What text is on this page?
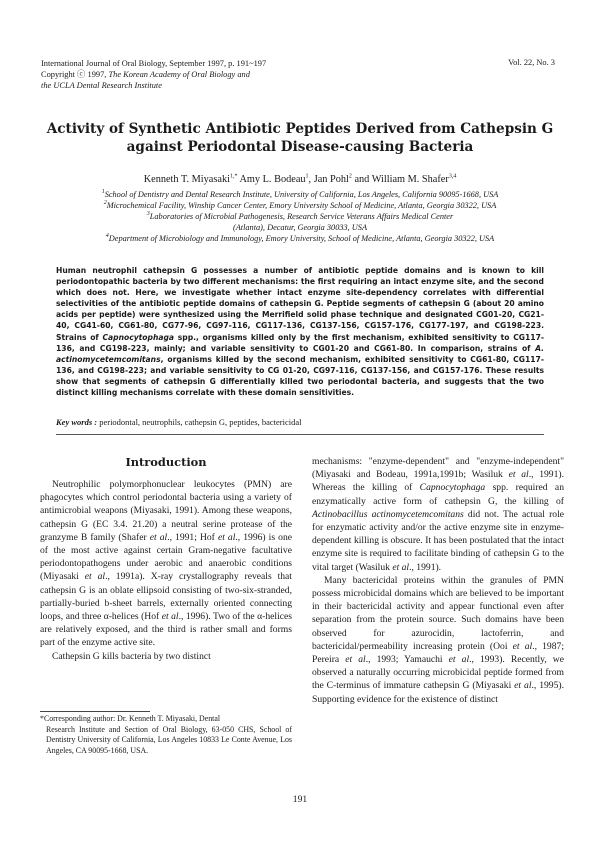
International Journal of Oral Biology, September 1997, p. 191~197
Copyright ⓒ 1997, The Korean Academy of Oral Biology and
the UCLA Dental Research Institute
Vol. 22, No. 3
Activity of Synthetic Antibiotic Peptides Derived from Cathepsin G
against Periodontal Disease-causing Bacteria
Kenneth T. Miyasaki$^{1,*}$ Amy L. Bodeau$^1$, Jan Pohl$^2$ and William M. Shafer$^{3,4}$
$^1$School of Dentistry and Dental Research Institute, University of California, Los Angeles, California 90095-1668, USA
$^2$Microchemical Facility, Winship Cancer Center, Emory University School of Medicine, Atlanta, Georgia 30322, USA
$^3$Laboratories of Microbial Pathogenesis, Research Service Veterans Affairs Medical Center
(Atlanta), Decatur, Georgia 30033, USA
$^4$Department of Microbiology and Immunology, Emory University, School of Medicine, Atlanta, Georgia 30322, USA
Human neutrophil cathepsin G possesses a number of antibiotic peptide domains and is known to kill periodontopathic bacteria by two different mechanisms: the first requiring an intact enzyme site, and the second which does not. Here, we investigate whether intact enzyme site-dependency correlates with differential selectivities of the antibiotic peptide domains of cathepsin G. Peptide segments of cathepsin G (about 20 amino acids per peptide) were synthesized using the Merrifield solid phase technique and designated CG01-20, CG21-40, CG41-60, CG61-80, CG77-96, CG97-116, CG117-136, CG137-156, CG157-176, CG177-197, and CG198-223. Strains of Capnocytophaga spp., organisms killed only by the first mechanism, exhibited sensitivity to CG117-136, and CG198-223, mainly; and variable sensitivity to CG01-20 and CG61-80. In comparison, strains of A. actinomycetemcomitans, organisms killed by the second mechanism, exhibited sensitivity to CG61-80, CG117-136, and CG198-223; and variable sensitivity to CG 01-20, CG97-116, CG137-156, and CG157-176. These results show that segments of cathepsin G differentially killed two periodontal bacteria, and suggests that the two distinct killing mechanisms correlate with these domain sensitivities.
Key words : periodontal, neutrophils, cathepsin G, peptides, bactericidal
Introduction

Neutrophilic polymorphonuclear leukocytes (PMN) are phagocytes which control periodontal bacteria using a variety of antimicrobial weapons (Miyasaki, 1991). Among these weapons, cathepsin G (EC 3.4. 21.20) a neutral serine protease of the granzyme B family (Shafer et al., 1991; Hof et al., 1996) is one of the most active against certain Gram-negative facultative periodontopathogens under aerobic and anaerobic conditions (Miyasaki et al., 1991a). X-ray crystallography reveals that cathepsin G is an oblate ellipsoid consisting of two-six-stranded, partially-buried b-sheet barrels, externally oriented connecting loops, and three α-helices (Hof et al., 1996). Two of the α-helices are relatively exposed, and the third is rather small and forms part of the enzyme active site.

Cathepsin G kills bacteria by two distinct

*Corresponding author: Dr. Kenneth T. Miyasaki, Dental
Research Institute and Section of Oral Biology, 63-050 CHS, School of Dentistry University of California, Los Angeles 10833 Le Conte Avenue, Los Angeles, CA 90095-1668, USA.

mechanisms: "enzyme-dependent" and "enzyme-independent" (Miyasaki and Bodeau, 1991a,1991b; Wasiluk et al., 1991). Whereas the killing of Capnocytophaga spp. required an enzymatically active form of cathepsin G, the killing of Actinobacillus actinomycetemcomitans did not. The actual role for enzymatic activity and/or the active enzyme site in enzyme-dependent killing is obscure. It has been postulated that the intact enzyme site is required to facilitate binding of cathepsin G to the vital target (Wasiluk et al., 1991).

Many bactericidal proteins within the granules of PMN possess microbicidal domains which are believed to be important in their bactericidal activity and appear functional even after separation from the protein source. Such domains have been observed for azurocidin, lactoferrin, and bactericidal/permeability increasing protein (Ooi et al., 1987; Pereira et al., 1993; Yamauchi et al., 1993). Recently, we observed a naturally occurring microbicidal peptide formed from the C-terminus of immature cathepsin G (Miyasaki et al., 1995). Supporting evidence for the existence of distinct

191
